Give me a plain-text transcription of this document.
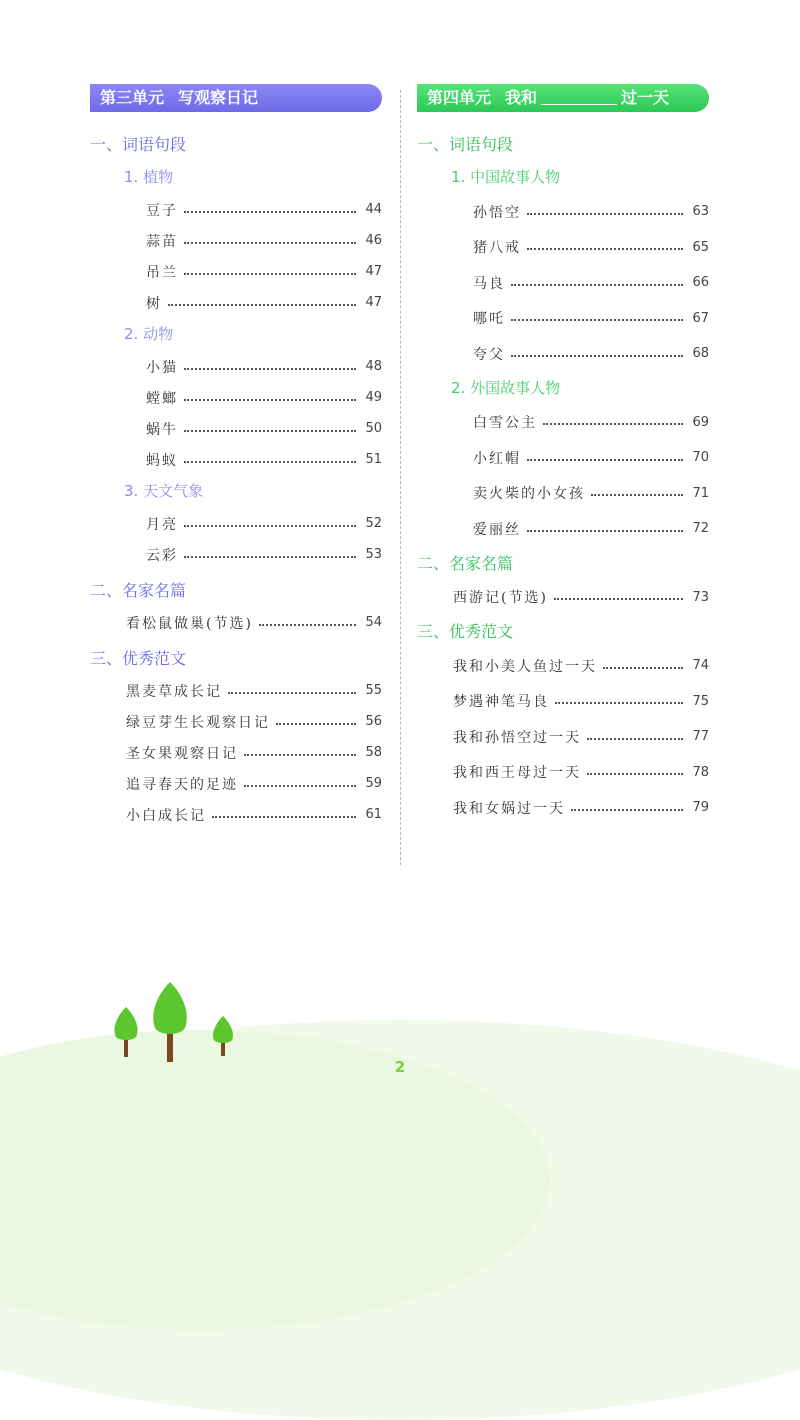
第三单元 写观察日记
一、词语句段
1. 植物
豆子	44
蒜苗	46
吊兰	47
树	47
2. 动物
小猫	48
螳螂	49
蜗牛	50
蚂蚁	51
3. 天文气象
月亮	52
云彩	53
二、名家名篇
看松鼠做巢(节选)	54
三、优秀范文
黑麦草成长记	55
绿豆芽生长观察日记	56
圣女果观察日记	58
追寻春天的足迹	59
小白成长记	61
第四单元 我和	过一天
一、词语句段
1. 中国故事人物
孙悟空	63
猪八戒	65
马良	66
哪吒	67
夸父	68
2. 外国故事人物
白雪公主	69
小红帽	70
卖火柴的小女孩	71
爱丽丝	72
二、名家名篇
西游记(节选)	73
三、优秀范文
我和小美人鱼过一天	74
梦遇神笔马良	75
我和孙悟空过一天	77
我和西王母过一天	78
我和女娲过一天	79
2
